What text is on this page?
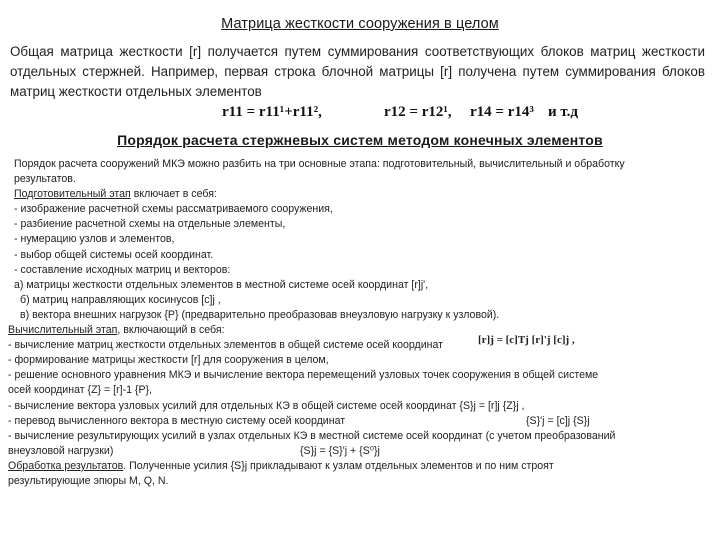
Матрица жесткости сооружения в целом
Общая матрица жесткости [r] получается путем суммирования соответствующих блоков матриц жесткости отдельных стержней. Например, первая строка блочной матрицы [r] получена путем суммирования блоков матриц жесткости отдельных элементов
r11 = r11¹+r11²,	r12 = r12¹, r14 = r14³ и т.д
Порядок расчета стержневых систем методом конечных элементов
Порядок расчета сооружений МКЭ можно разбить на три основные этапа: подготовительный, вычислительный и обработку
результатов.
Подготовительный этап включает в себя:
- изображение расчетной схемы рассматриваемого сооружения,
- разбиение расчетной схемы на отдельные элементы,
- нумерацию узлов и элементов,
- выбор общей системы осей координат.
- составление исходных матриц и векторов:
а) матрицы жесткости отдельных элементов в местной системе осей координат [r]j',
б) матриц направляющих косинусов [c]j ,
в) вектора внешних нагрузок {P} (предварительно преобразовав внеузловую нагрузку к узловой).
Вычислительный этап, включающий в себя:
- вычисление матриц жесткости отдельных элементов в общей системе осей координат	[r]j = [c]Tj [r]'j [c]j ,
- формирование матрицы жесткости [r] для сооружения в целом,
- решение основного уравнения МКЭ и вычисление вектора перемещений узловых точек сооружения в общей системе
осей координат {Z} = [r]-1 {P},
- вычисление вектора узловых усилий для отдельных КЭ в общей системе осей координат {S}j = [r]j {Z}j ,
- перевод вычисленного вектора в местную систему осей координат	{S}'j = [c]j {S}j
- вычисление результирующих усилий в узлах отдельных КЭ в местной системе осей координат (с учетом преобразований
внеузловой нагрузки)	{S}j = {S}'j + {S⁰}j
Обработка результатов. Полученные усилия {S}j прикладывают к узлам отдельных элементов и по ним строят
результирующие эпюры M, Q, N.
